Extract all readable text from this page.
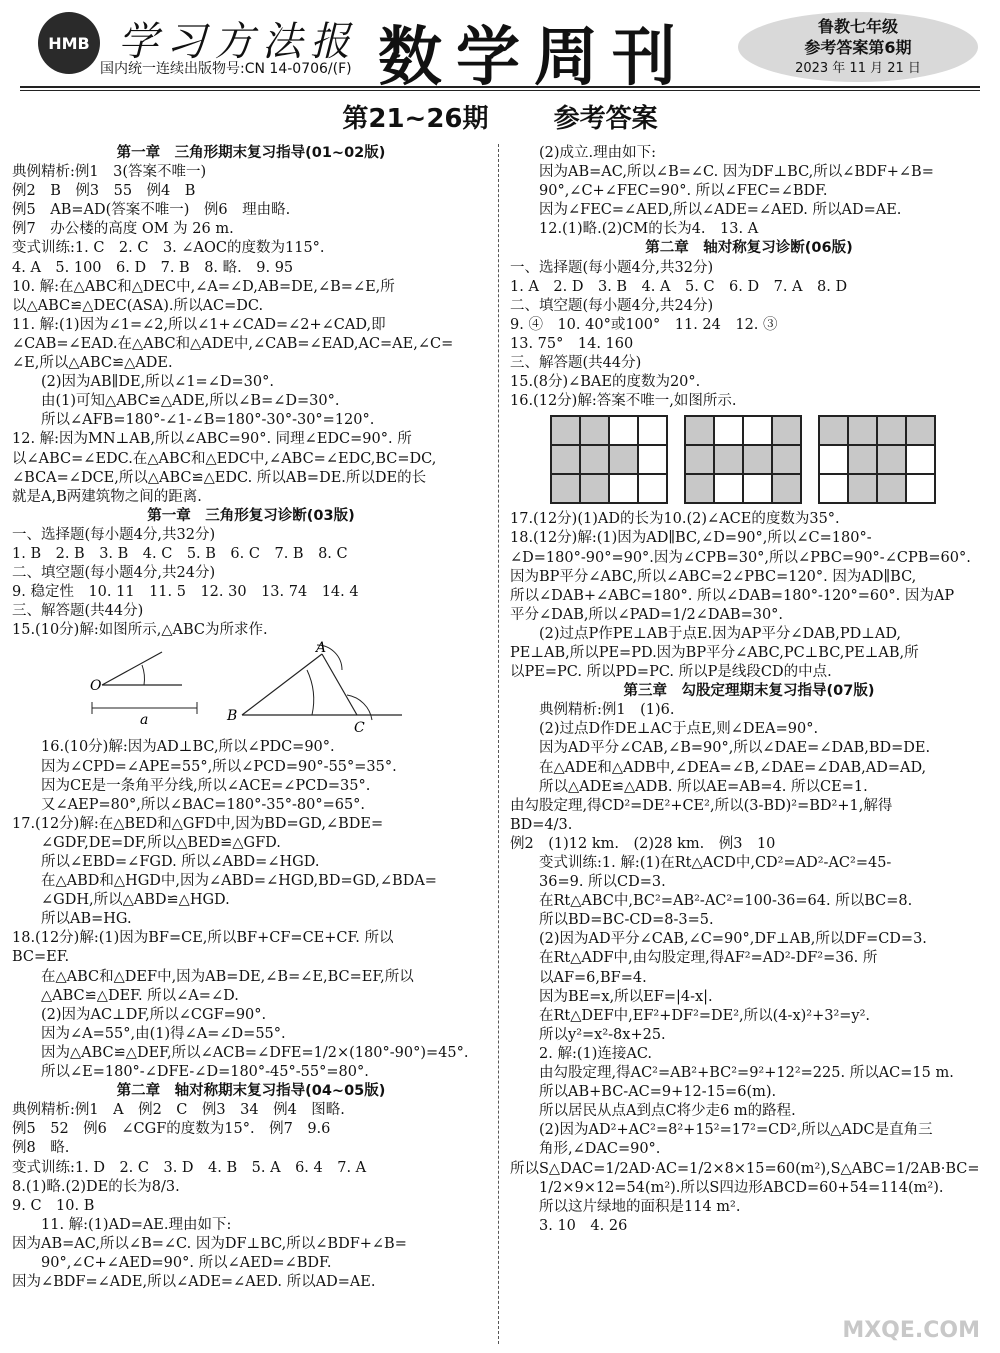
HMB 学习方法报
国内统一连续出版物号:CN 14-0706/(F) 数学周刊	鲁教七年级
参考答案第6期
2023 年 11 月 21 日
第21~26期	参考答案
第一章　三角形期末复习指导(01~02版)
典例精析:例1　3(答案不唯一)
例2　B　例3　55　例4　B
例5　AB=AD(答案不唯一)　例6　理由略.
例7　办公楼的高度 OM 为 26 m.
变式训练:1. C　2. C　3. ∠AOC的度数为115°.
4. A　5. 100　6. D　7. B　8. 略.　9. 95
10. 解:在△ABC和△DEC中,∠A=∠D,AB=DE,∠B=∠E,所
以△ABC≌△DEC(ASA).所以AC=DC.
11. 解:(1)因为∠1=∠2,所以∠1+∠CAD=∠2+∠CAD,即
∠CAB=∠EAD.在△ABC和△ADE中,∠CAB=∠EAD,AC=AE,∠C=
∠E,所以△ABC≌△ADE.
(2)因为AB∥DE,所以∠1=∠D=30°.
由(1)可知△ABC≌△ADE,所以∠B=∠D=30°.
所以∠AFB=180°-∠1-∠B=180°-30°-30°=120°.
12. 解:因为MN⊥AB,所以∠ABC=90°. 同理∠EDC=90°. 所
以∠ABC=∠EDC.在△ABC和△EDC中,∠ABC=∠EDC,BC=DC,
∠BCA=∠DCE,所以△ABC≌△EDC. 所以AB=DE.所以DE的长
就是A,B两建筑物之间的距离.
第一章　三角形复习诊断(03版)
一、选择题(每小题4分,共32分)
1. B　2. B　3. B　4. C　5. B　6. C　7. B　8. C
二、填空题(每小题4分,共24分)
9. 稳定性　10. 11　11. 5　12. 30　13. 74　14. 4
三、解答题(共44分)
15.(10分)解:如图所示,△ABC为所求作.
O
a	B
A
C
16.(10分)解:因为AD⊥BC,所以∠PDC=90°.
因为∠CPD=∠APE=55°,所以∠PCD=90°-55°=35°.
因为CE是一条角平分线,所以∠ACE=∠PCD=35°.
又∠AEP=80°,所以∠BAC=180°-35°-80°=65°.
17.(12分)解:在△BED和△GFD中,因为BD=GD,∠BDE=
∠GDF,DE=DF,所以△BED≌△GFD.
所以∠EBD=∠FGD. 所以∠ABD=∠HGD.
在△ABD和△HGD中,因为∠ABD=∠HGD,BD=GD,∠BDA=
∠GDH,所以△ABD≌△HGD.
所以AB=HG.
18.(12分)解:(1)因为BF=CE,所以BF+CF=CE+CF. 所以
BC=EF.
在△ABC和△DEF中,因为AB=DE,∠B=∠E,BC=EF,所以
△ABC≌△DEF. 所以∠A=∠D.
(2)因为AC⊥DF,所以∠CGF=90°.
因为∠A=55°,由(1)得∠A=∠D=55°.
因为△ABC≌△DEF,所以∠ACB=∠DFE=1/2×(180°-90°)=45°.
所以∠E=180°-∠DFE-∠D=180°-45°-55°=80°.
第二章　轴对称期末复习指导(04~05版)
典例精析:例1　A　例2　C　例3　34　例4　图略.
例5　52　例6　∠CGF的度数为15°.　例7　9.6
例8　略.
变式训练:1. D　2. C　3. D　4. B　5. A　6. 4　7. A
8.(1)略.(2)DE的长为8/3.
9. C　10. B
11. 解:(1)AD=AE.理由如下:
因为AB=AC,所以∠B=∠C. 因为DF⊥BC,所以∠BDF+∠B=
90°,∠C+∠AED=90°. 所以∠AED=∠BDF.
因为∠BDF=∠ADE,所以∠ADE=∠AED. 所以AD=AE.
(2)成立.理由如下:
因为AB=AC,所以∠B=∠C. 因为DF⊥BC,所以∠BDF+∠B=
90°,∠C+∠FEC=90°. 所以∠FEC=∠BDF.
因为∠FEC=∠AED,所以∠ADE=∠AED. 所以AD=AE.
12.(1)略.(2)CM的长为4.　13. A
第二章　轴对称复习诊断(06版)
一、选择题(每小题4分,共32分)
1. A　2. D　3. B　4. A　5. C　6. D　7. A　8. D
二、填空题(每小题4分,共24分)
9. ④　10. 40°或100°　11. 24　12. ③
13. 75°　14. 160
三、解答题(共44分)
15.(8分)∠BAE的度数为20°.
16.(12分)解:答案不唯一,如图所示.
17.(12分)(1)AD的长为10.(2)∠ACE的度数为35°.
18.(12分)解:(1)因为AD∥BC,∠D=90°,所以∠C=180°-
∠D=180°-90°=90°.因为∠CPB=30°,所以∠PBC=90°-∠CPB=60°.
因为BP平分∠ABC,所以∠ABC=2∠PBC=120°. 因为AD∥BC,
所以∠DAB+∠ABC=180°. 所以∠DAB=180°-120°=60°. 因为AP
平分∠DAB,所以∠PAD=1/2∠DAB=30°.
(2)过点P作PE⊥AB于点E.因为AP平分∠DAB,PD⊥AD,
PE⊥AB,所以PE=PD.因为BP平分∠ABC,PC⊥BC,PE⊥AB,所
以PE=PC. 所以PD=PC. 所以P是线段CD的中点.
第三章　勾股定理期末复习指导(07版)
典例精析:例1　(1)6.
(2)过点D作DE⊥AC于点E,则∠DEA=90°.
因为AD平分∠CAB,∠B=90°,所以∠DAE=∠DAB,BD=DE.
在△ADE和△ADB中,∠DEA=∠B,∠DAE=∠DAB,AD=AD,
所以△ADE≌△ADB. 所以AE=AB=4. 所以CE=1.
由勾股定理,得CD²=DE²+CE²,所以(3-BD)²=BD²+1,解得
BD=4/3.
例2　(1)12 km.　(2)28 km.　例3　10
变式训练:1. 解:(1)在Rt△ACD中,CD²=AD²-AC²=45-
36=9. 所以CD=3.
在Rt△ABC中,BC²=AB²-AC²=100-36=64. 所以BC=8.
所以BD=BC-CD=8-3=5.
(2)因为AD平分∠CAB,∠C=90°,DF⊥AB,所以DF=CD=3.
在Rt△ADF中,由勾股定理,得AF²=AD²-DF²=36. 所
以AF=6,BF=4.
因为BE=x,所以EF=|4-x|.
在Rt△DEF中,EF²+DF²=DE²,所以(4-x)²+3²=y².
所以y²=x²-8x+25.
2. 解:(1)连接AC.
由勾股定理,得AC²=AB²+BC²=9²+12²=225. 所以AC=15 m.
所以AB+BC-AC=9+12-15=6(m).
所以居民从点A到点C将少走6 m的路程.
(2)因为AD²+AC²=8²+15²=17²=CD²,所以△ADC是直角三
角形,∠DAC=90°.
所以S△DAC=1/2AD·AC=1/2×8×15=60(m²),S△ABC=1/2AB·BC=
1/2×9×12=54(m²).所以S四边形ABCD=60+54=114(m²).
所以这片绿地的面积是114 m².
3. 10　4. 26
MXQE.COM
